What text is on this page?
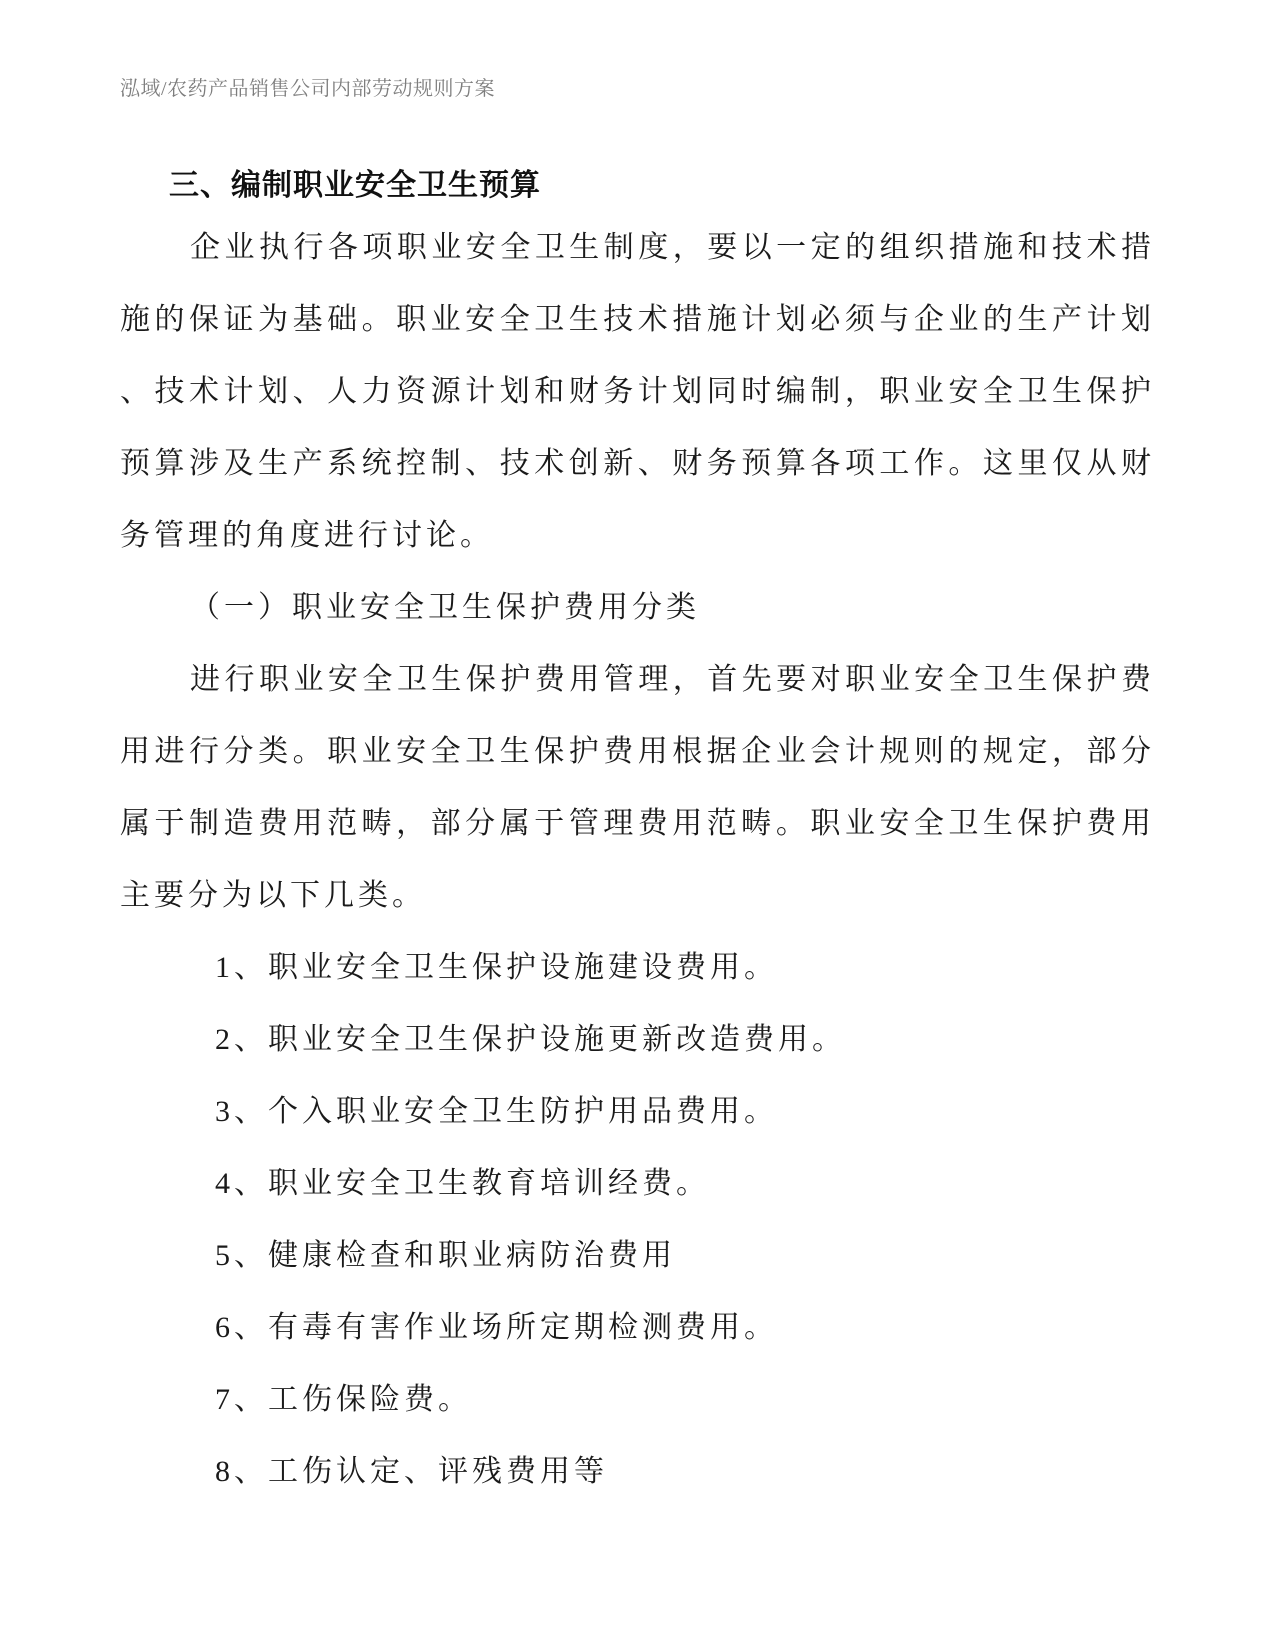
泓域/农药产品销售公司内部劳动规则方案
三、编制职业安全卫生预算

企业执行各项职业安全卫生制度，要以一定的组织措施和技术措施的保证为基础。职业安全卫生技术措施计划必须与企业的生产计划、技术计划、人力资源计划和财务计划同时编制，职业安全卫生保护预算涉及生产系统控制、技术创新、财务预算各项工作。这里仅从财务管理的角度进行讨论。

（一）职业安全卫生保护费用分类

进行职业安全卫生保护费用管理，首先要对职业安全卫生保护费用进行分类。职业安全卫生保护费用根据企业会计规则的规定，部分属于制造费用范畴，部分属于管理费用范畴。职业安全卫生保护费用主要分为以下几类。

1、职业安全卫生保护设施建设费用。

2、职业安全卫生保护设施更新改造费用。

3、个入职业安全卫生防护用品费用。

4、职业安全卫生教育培训经费。

5、健康检查和职业病防治费用

6、有毒有害作业场所定期检测费用。

7、工伤保险费。

8、工伤认定、评残费用等
